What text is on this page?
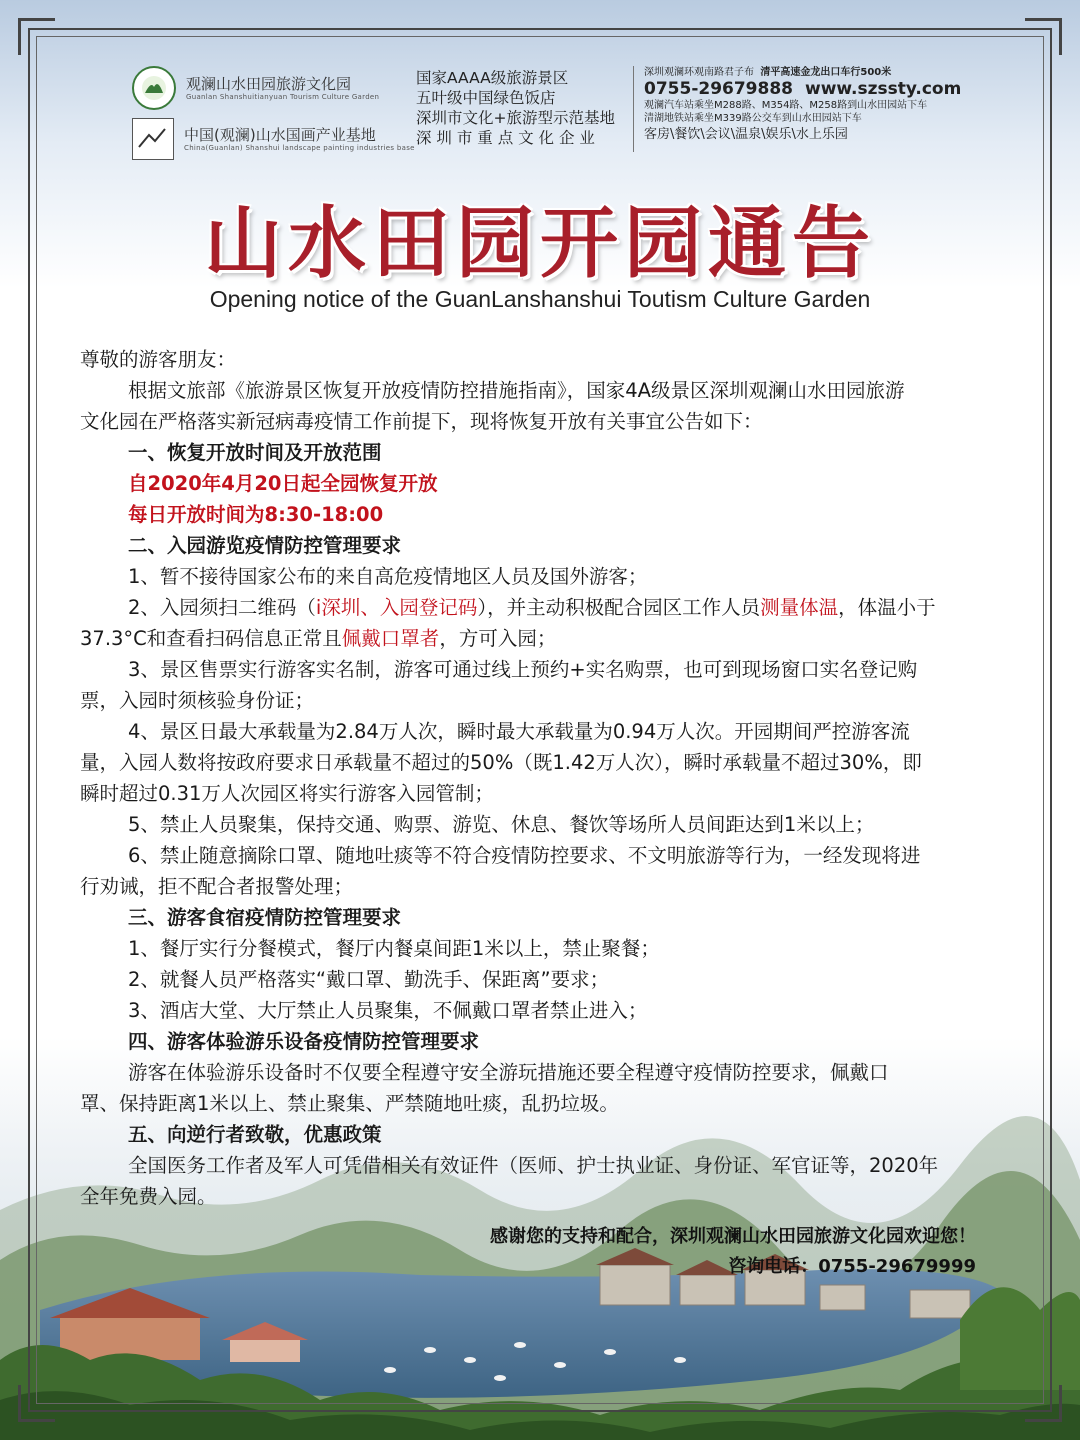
观澜山水田园旅游文化园
Guanlan Shanshuitianyuan Tourism Culture Garden
中国(观澜)山水国画产业基地
China(Guanlan) Shanshui landscape painting industries base
国家AAAA级旅游景区
五叶级中国绿色饭店
深圳市文化+旅游型示范基地
深 圳 市 重 点 文 化 企 业
深圳观澜环观南路君子布 清平高速金龙出口车行500米
0755-29679888 www.szssty.com
观澜汽车站乘坐M288路、M354路、M258路到山水田园站下车
清湖地铁站乘坐M339路公交车到山水田园站下车
客房\餐饮\会议\温泉\娱乐\水上乐园
山水田园开园通告
Opening notice of the GuanLanshanshui Toutism Culture Garden

尊敬的游客朋友：

根据文旅部《旅游景区恢复开放疫情防控措施指南》，国家4A级景区深圳观澜山水田园旅游

文化园在严格落实新冠病毒疫情工作前提下，现将恢复开放有关事宜公告如下：

一、恢复开放时间及开放范围

自2020年4月20日起全园恢复开放

每日开放时间为8:30-18:00

二、入园游览疫情防控管理要求

1、暂不接待国家公布的来自高危疫情地区人员及国外游客；

2、入园须扫二维码（i深圳、入园登记码），并主动积极配合园区工作人员测量体温，体温小于

37.3°C和查看扫码信息正常且佩戴口罩者，方可入园；

3、景区售票实行游客实名制，游客可通过线上预约+实名购票，也可到现场窗口实名登记购

票，入园时须核验身份证；

4、景区日最大承载量为2.84万人次，瞬时最大承载量为0.94万人次。开园期间严控游客流

量，入园人数将按政府要求日承载量不超过的50%（既1.42万人次），瞬时承载量不超过30%，即

瞬时超过0.31万人次园区将实行游客入园管制；

5、禁止人员聚集，保持交通、购票、游览、休息、餐饮等场所人员间距达到1米以上；

6、禁止随意摘除口罩、随地吐痰等不符合疫情防控要求、不文明旅游等行为，一经发现将进

行劝诫，拒不配合者报警处理；

三、游客食宿疫情防控管理要求

1、餐厅实行分餐模式，餐厅内餐桌间距1米以上，禁止聚餐；

2、就餐人员严格落实“戴口罩、勤洗手、保距离”要求；

3、酒店大堂、大厅禁止人员聚集，不佩戴口罩者禁止进入；

四、游客体验游乐设备疫情防控管理要求

游客在体验游乐设备时不仅要全程遵守安全游玩措施还要全程遵守疫情防控要求，佩戴口

罩、保持距离1米以上、禁止聚集、严禁随地吐痰，乱扔垃圾。

五、向逆行者致敬，优惠政策

全国医务工作者及军人可凭借相关有效证件（医师、护士执业证、身份证、军官证等，2020年

全年免费入园。

感谢您的支持和配合，深圳观澜山水田园旅游文化园欢迎您！
咨询电话：0755-29679999
